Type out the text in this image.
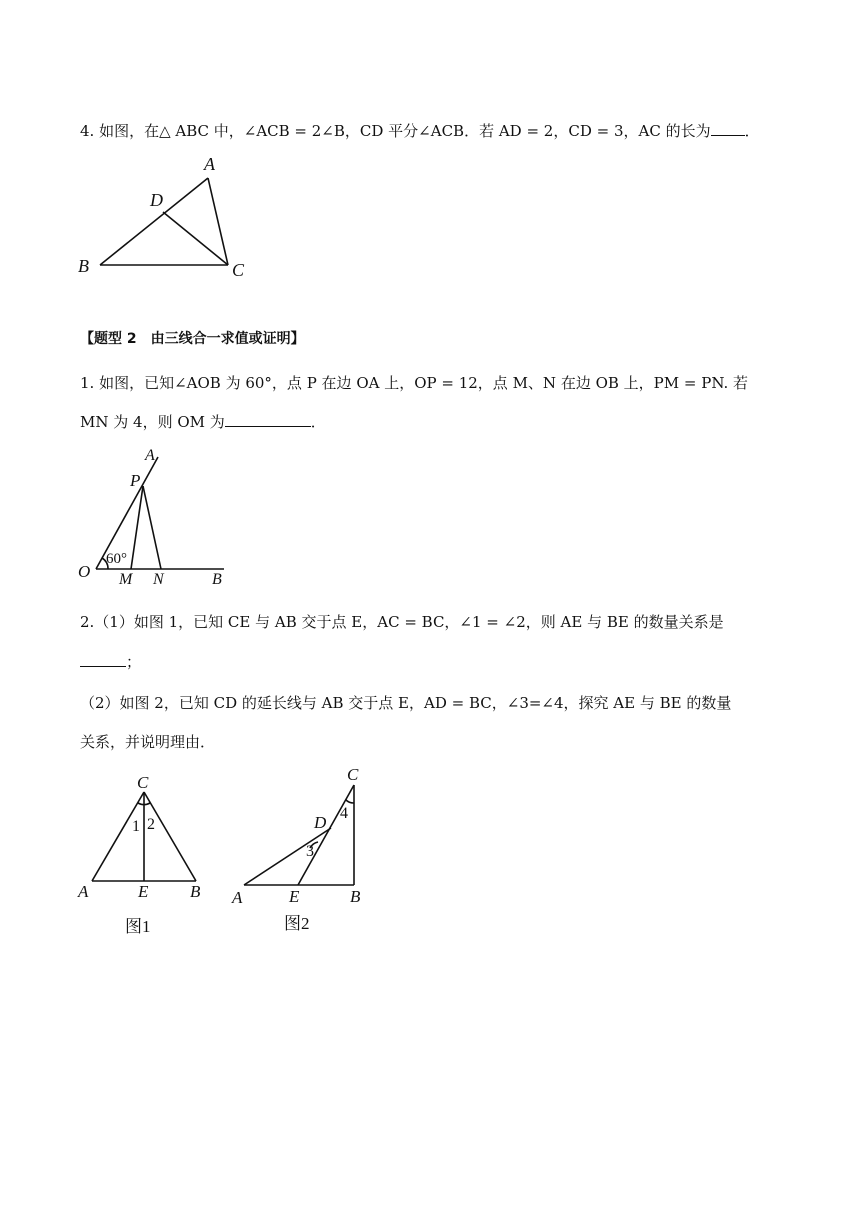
4. 如图，在△ ABC 中，∠ACB = 2∠B，CD 平分∠ACB．若 AD = 2，CD = 3，AC 的长为 ．
A
D
B	C
【题型 2　由三线合一求值或证明】
1. 如图，已知∠AOB 为 60°，点 P 在边 OA 上，OP = 12，点 M、N 在边 OB 上，PM = PN. 若
MN 为 4，则 OM 为	．
A
P
60°
O M N	B
2.（1）如图 1，已知 CE 与 AB 交于点 E，AC = BC，∠1 = ∠2，则 AE 与 BE 的数量关系是
；
（2）如图 2，已知 CD 的延长线与 AB 交于点 E，AD = BC，∠3=∠4，探究 AE 与 BE 的数量
关系，并说明理由．
C
1 2
A	E B
图1
C
4
D
3
A	E	B
图2
